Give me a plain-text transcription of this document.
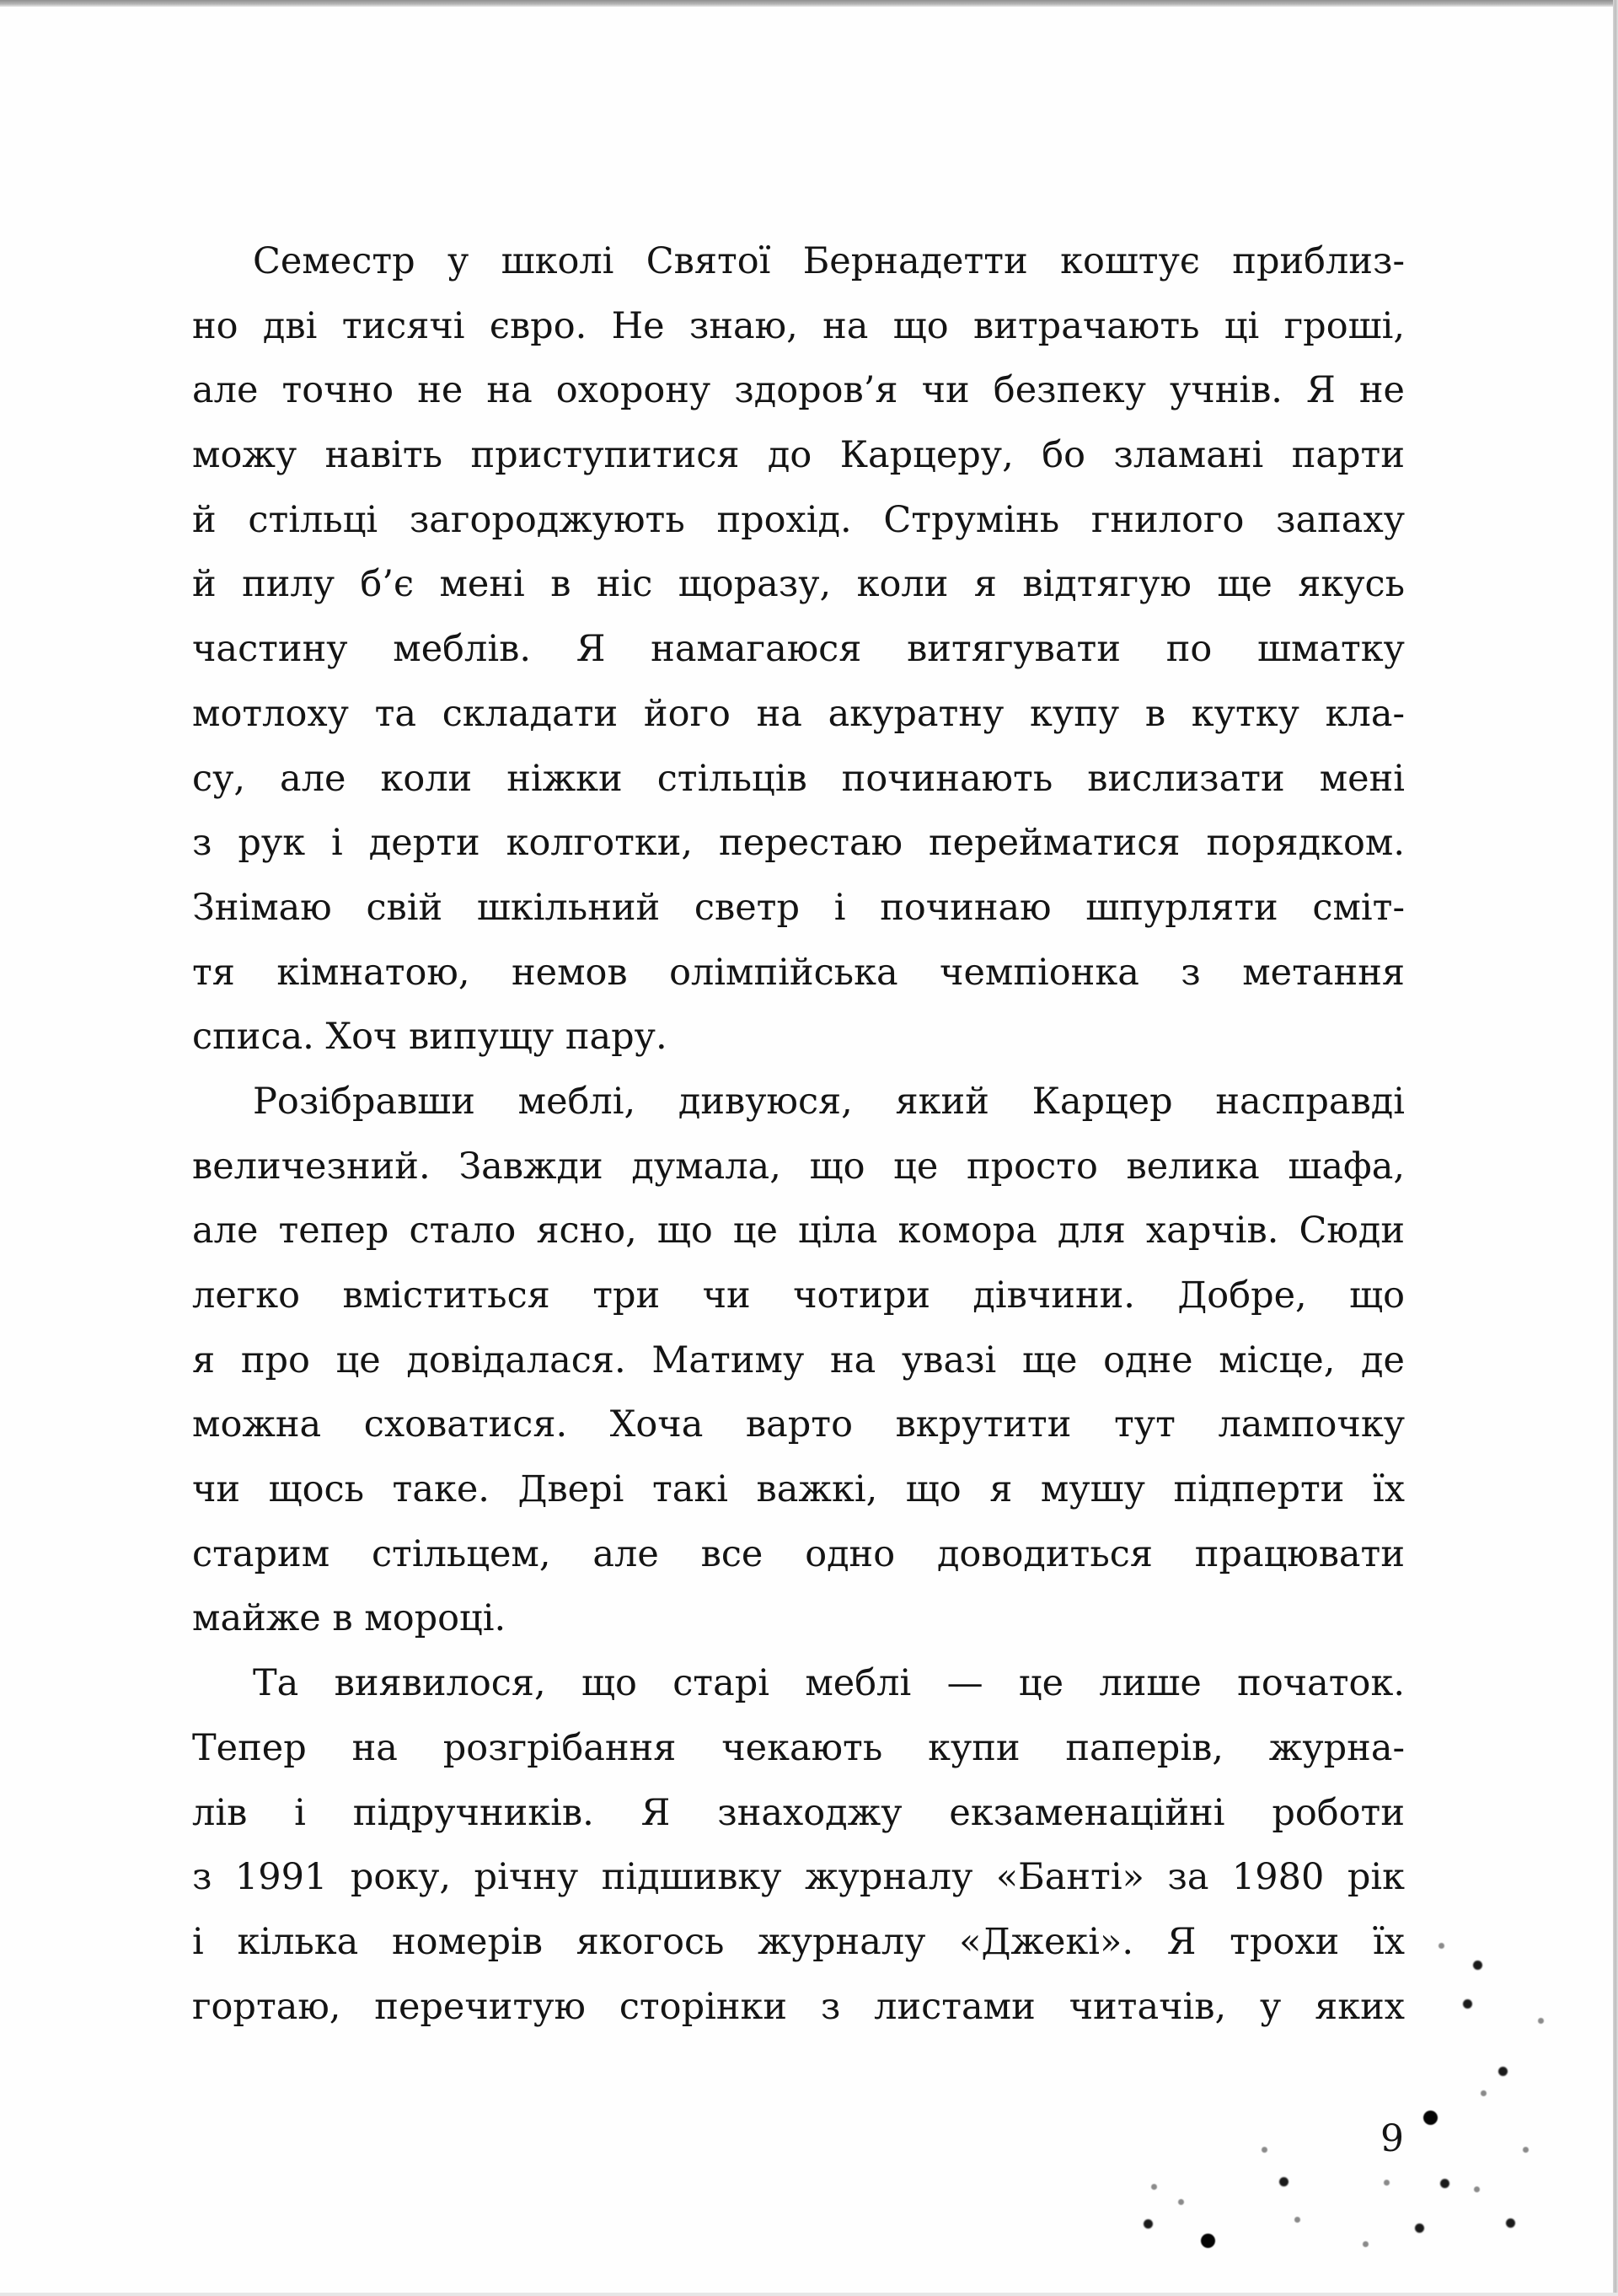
Семестр у школі Святої Бернадетти коштує приблиз-
но дві тисячі євро. Не знаю, на що витрачають ці гроші,
але точно не на охорону здоров’я чи безпеку учнів. Я не
можу навіть приступитися до Карцеру, бо зламані парти
й стільці загороджують прохід. Струмінь гнилого запаху
й пилу б’є мені в ніс щоразу, коли я відтягую ще якусь
частину меблів. Я намагаюся витягувати по шматку
мотлоху та складати його на акуратну купу в кутку кла-
су, але коли ніжки стільців починають вислизати мені
з рук і дерти колготки, перестаю перейматися порядком.
Знімаю свій шкільний светр і починаю шпурляти сміт-
тя кімнатою, немов олімпійська чемпіонка з метання
списа. Хоч випущу пару.
Розібравши меблі, дивуюся, який Карцер насправді
величезний. Завжди думала, що це просто велика шафа,
але тепер стало ясно, що це ціла комора для харчів. Сюди
легко вміститься три чи чотири дівчини. Добре, що
я про це довідалася. Матиму на увазі ще одне місце, де
можна сховатися. Хоча варто вкрутити тут лампочку
чи щось таке. Двері такі важкі, що я мушу підперти їх
старим стільцем, але все одно доводиться працювати
майже в мороці.
Та виявилося, що старі меблі — це лише початок.
Тепер на розгрібання чекають купи паперів, журна-
лів і підручників. Я знаходжу екзаменаційні роботи
з 1991 року, річну підшивку журналу «Банті» за 1980 рік
і кілька номерів якогось журналу «Джекі». Я трохи їх
гортаю, перечитую сторінки з листами читачів, у яких
9
